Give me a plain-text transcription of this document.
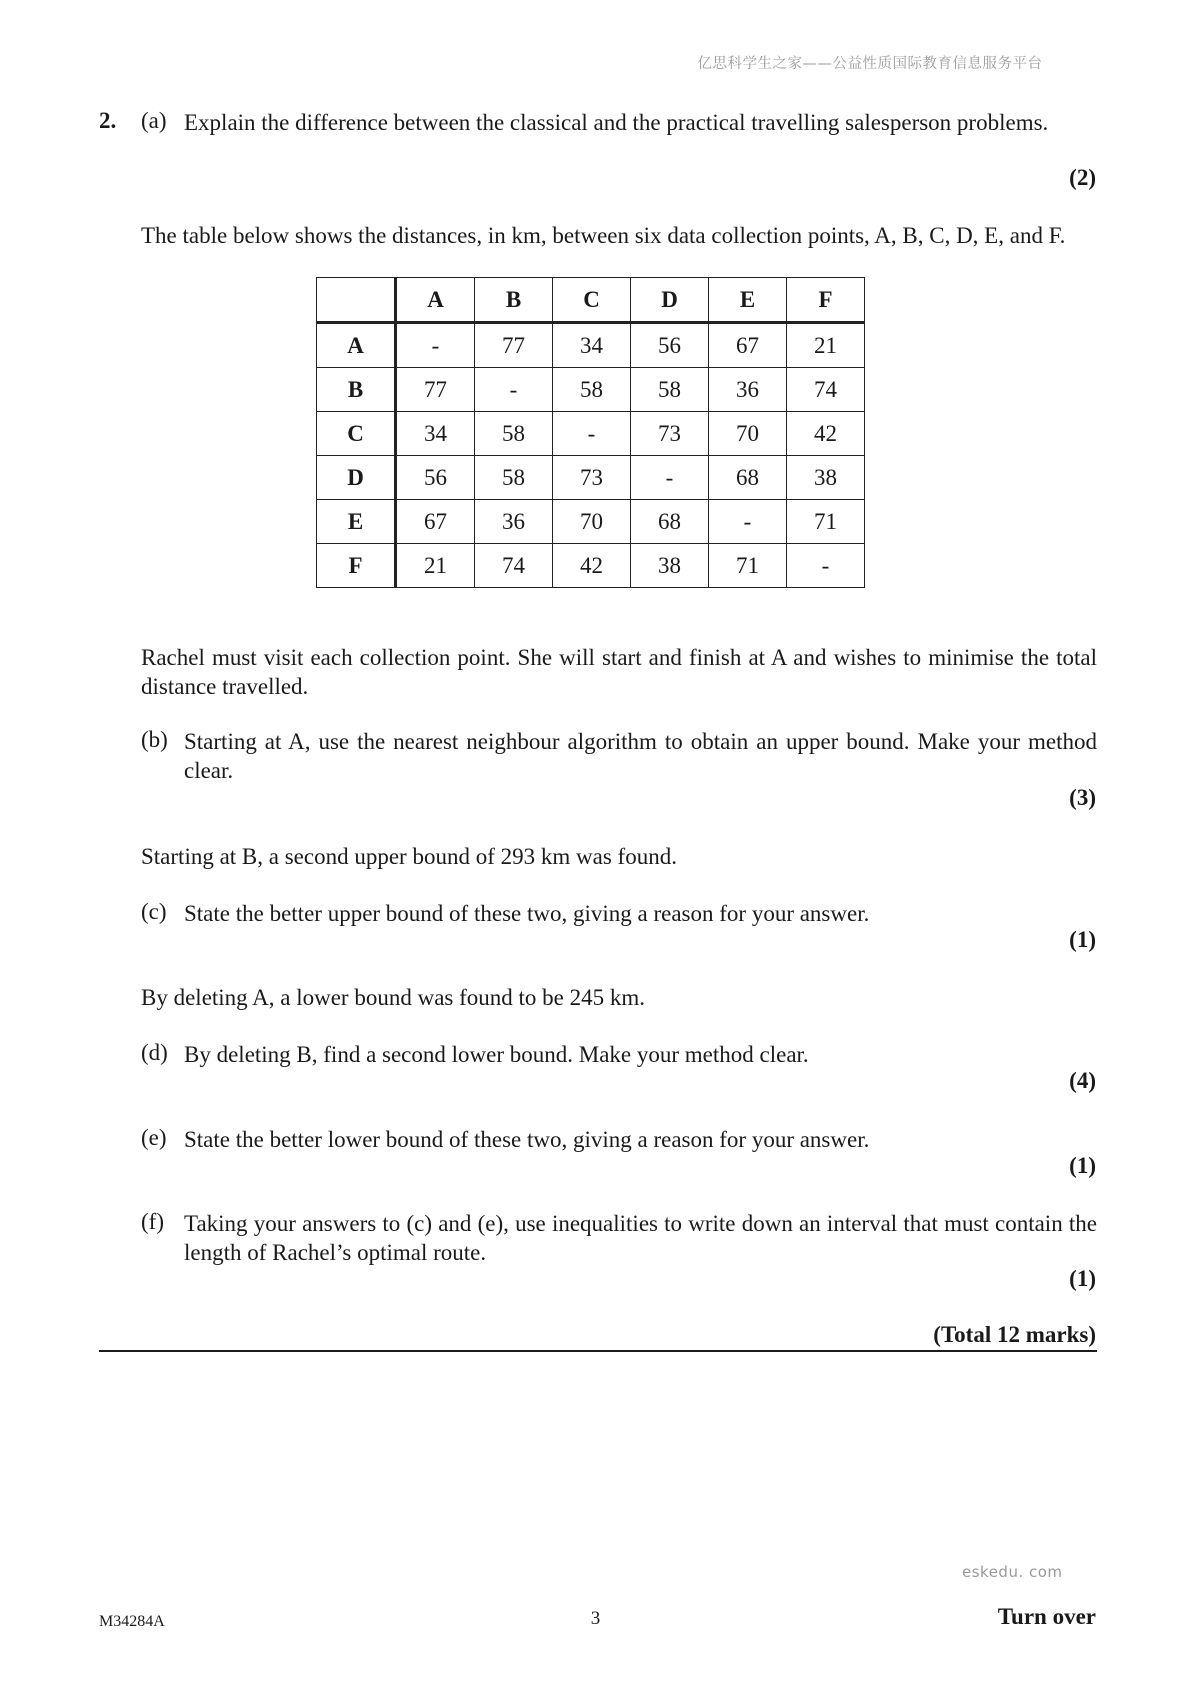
亿思科学生之家——公益性质国际教育信息服务平台
2. (a) Explain the difference between the classical and the practical travelling salesperson problems.
(2)
The table below shows the distances, in km, between six data collection points, A, B, C, D, E, and F.
	A	B	C	D	E	F
A	-	77	34	56	67	21
B	77	-	58	58	36	74
C	34	58	-	73	70	42
D	56	58	73	-	68	38
E	67	36	70	68	-	71
F	21	74	42	38	71	-
Rachel must visit each collection point. She will start and finish at A and wishes to minimise the total distance travelled.
(b) Starting at A, use the nearest neighbour algorithm to obtain an upper bound. Make your method clear.
(3)
Starting at B, a second upper bound of 293 km was found.
(c) State the better upper bound of these two, giving a reason for your answer.
(1)
By deleting A, a lower bound was found to be 245 km.
(d) By deleting B, find a second lower bound. Make your method clear.
(4)
(e) State the better lower bound of these two, giving a reason for your answer.
(1)
(f) Taking your answers to (c) and (e), use inequalities to write down an interval that must contain the length of Rachel’s optimal route.
(1)
(Total 12 marks)
eskedu. com
M34284A	3	Turn over
